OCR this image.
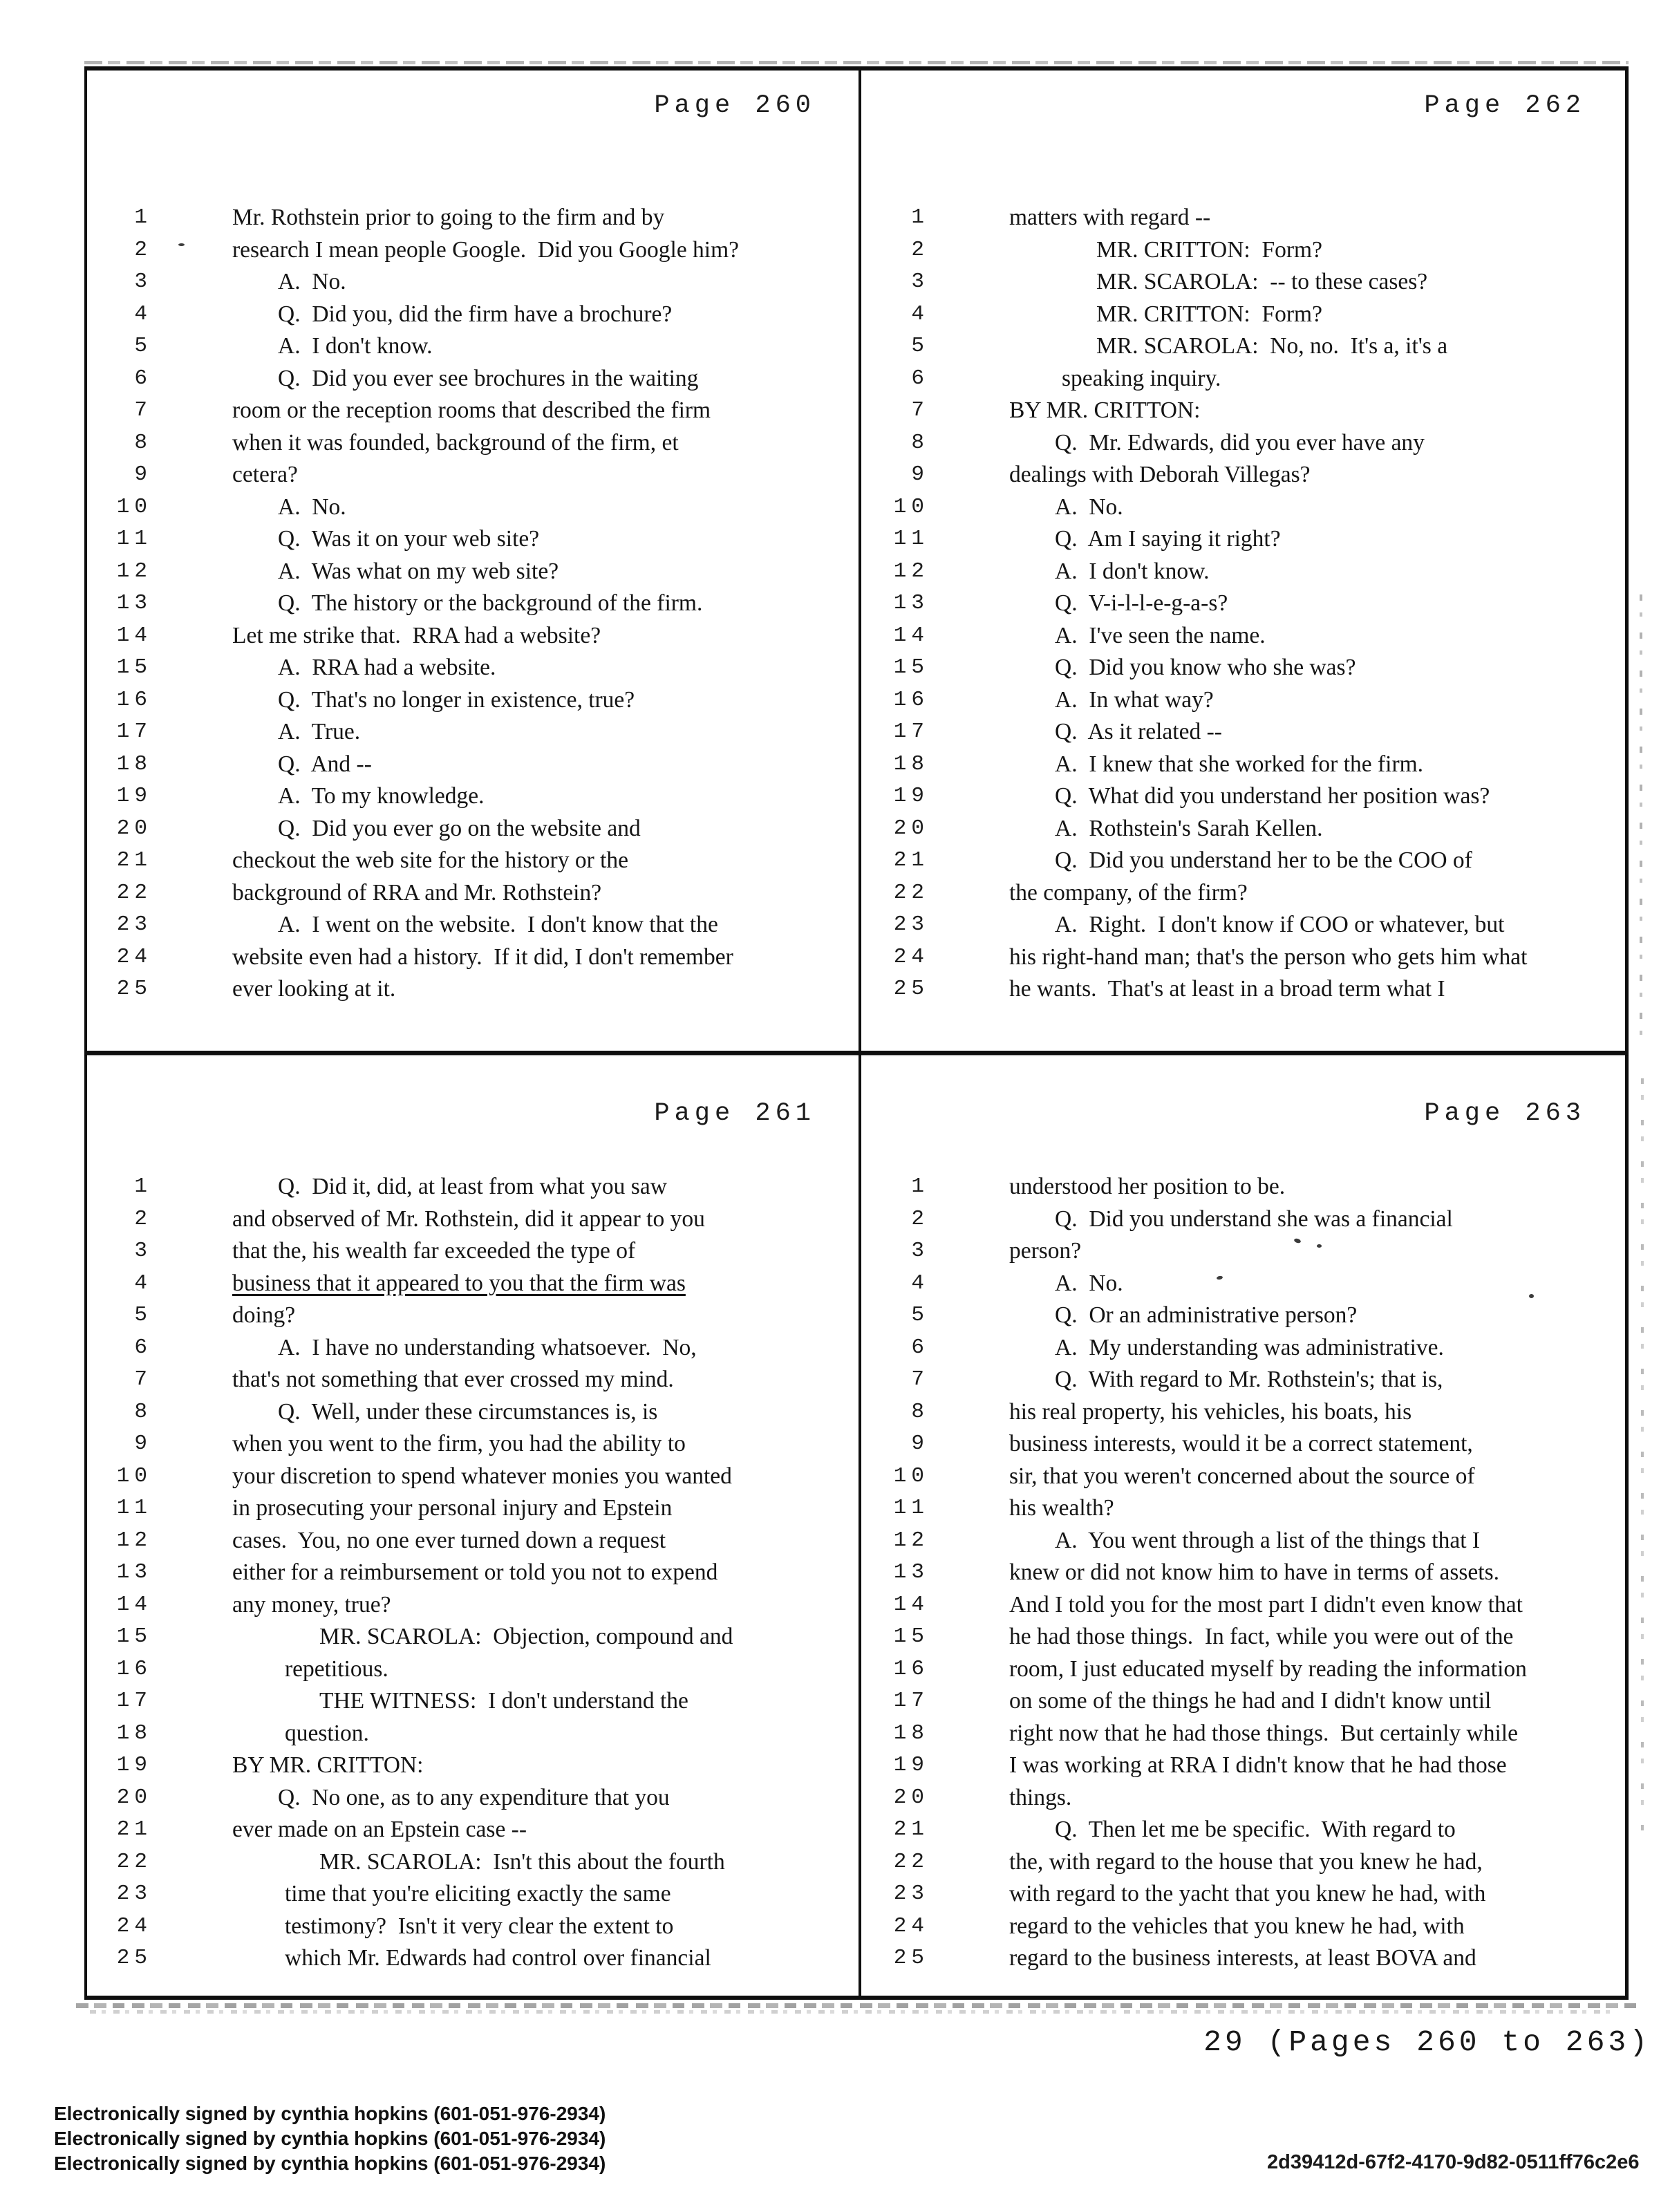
Page 260
1	Mr. Rothstein prior to going to the firm and by
2	research I mean people Google.  Did you Google him?
3	A.  No.
4	Q.  Did you, did the firm have a brochure?
5	A.  I don't know.
6	Q.  Did you ever see brochures in the waiting
7	room or the reception rooms that described the firm
8	when it was founded, background of the firm, et
9	cetera?
10	A.  No.
11	Q.  Was it on your web site?
12	A.  Was what on my web site?
13	Q.  The history or the background of the firm.
14	Let me strike that.  RRA had a website?
15	A.  RRA had a website.
16	Q.  That's no longer in existence, true?
17	A.  True.
18	Q.  And --
19	A.  To my knowledge.
20	Q.  Did you ever go on the website and
21	checkout the web site for the history or the
22	background of RRA and Mr. Rothstein?
23	A.  I went on the website.  I don't know that the
24	website even had a history.  If it did, I don't remember
25	ever looking at it.
Page 262
1	matters with regard --
2	MR. CRITTON:  Form?
3	MR. SCAROLA:  -- to these cases?
4	MR. CRITTON:  Form?
5	MR. SCAROLA:  No, no.  It's a, it's a
6	speaking inquiry.
7	BY MR. CRITTON:
8	Q.  Mr. Edwards, did you ever have any
9	dealings with Deborah Villegas?
10	A.  No.
11	Q.  Am I saying it right?
12	A.  I don't know.
13	Q.  V-i-l-l-e-g-a-s?
14	A.  I've seen the name.
15	Q.  Did you know who she was?
16	A.  In what way?
17	Q.  As it related --
18	A.  I knew that she worked for the firm.
19	Q.  What did you understand her position was?
20	A.  Rothstein's Sarah Kellen.
21	Q.  Did you understand her to be the COO of
22	the company, of the firm?
23	A.  Right.  I don't know if COO or whatever, but
24	his right-hand man; that's the person who gets him what
25	he wants.  That's at least in a broad term what I
Page 261
1	Q.  Did it, did, at least from what you saw
2	and observed of Mr. Rothstein, did it appear to you
3	that the, his wealth far exceeded the type of
4	business that it appeared to you that the firm was
5	doing?
6	A.  I have no understanding whatsoever.  No,
7	that's not something that ever crossed my mind.
8	Q.  Well, under these circumstances is, is
9	when you went to the firm, you had the ability to
10	your discretion to spend whatever monies you wanted
11	in prosecuting your personal injury and Epstein
12	cases.  You, no one ever turned down a request
13	either for a reimbursement or told you not to expend
14	any money, true?
15	MR. SCAROLA:  Objection, compound and
16	repetitious.
17	THE WITNESS:  I don't understand the
18	question.
19	BY MR. CRITTON:
20	Q.  No one, as to any expenditure that you
21	ever made on an Epstein case --
22	MR. SCAROLA:  Isn't this about the fourth
23	time that you're eliciting exactly the same
24	testimony?  Isn't it very clear the extent to
25	which Mr. Edwards had control over financial
Page 263
1	understood her position to be.
2	Q.  Did you understand she was a financial
3	person?
4	A.  No.
5	Q.  Or an administrative person?
6	A.  My understanding was administrative.
7	Q.  With regard to Mr. Rothstein's; that is,
8	his real property, his vehicles, his boats, his
9	business interests, would it be a correct statement,
10	sir, that you weren't concerned about the source of
11	his wealth?
12	A.  You went through a list of the things that I
13	knew or did not know him to have in terms of assets.
14	And I told you for the most part I didn't even know that
15	he had those things.  In fact, while you were out of the
16	room, I just educated myself by reading the information
17	on some of the things he had and I didn't know until
18	right now that he had those things.  But certainly while
19	I was working at RRA I didn't know that he had those
20	things.
21	Q.  Then let me be specific.  With regard to
22	the, with regard to the house that you knew he had,
23	with regard to the yacht that you knew he had, with
24	regard to the vehicles that you knew he had, with
25	regard to the business interests, at least BOVA and
29 (Pages 260 to 263)
Electronically signed by cynthia hopkins (601-051-976-2934)
Electronically signed by cynthia hopkins (601-051-976-2934)
Electronically signed by cynthia hopkins (601-051-976-2934)	2d39412d-67f2-4170-9d82-0511ff76c2e6
